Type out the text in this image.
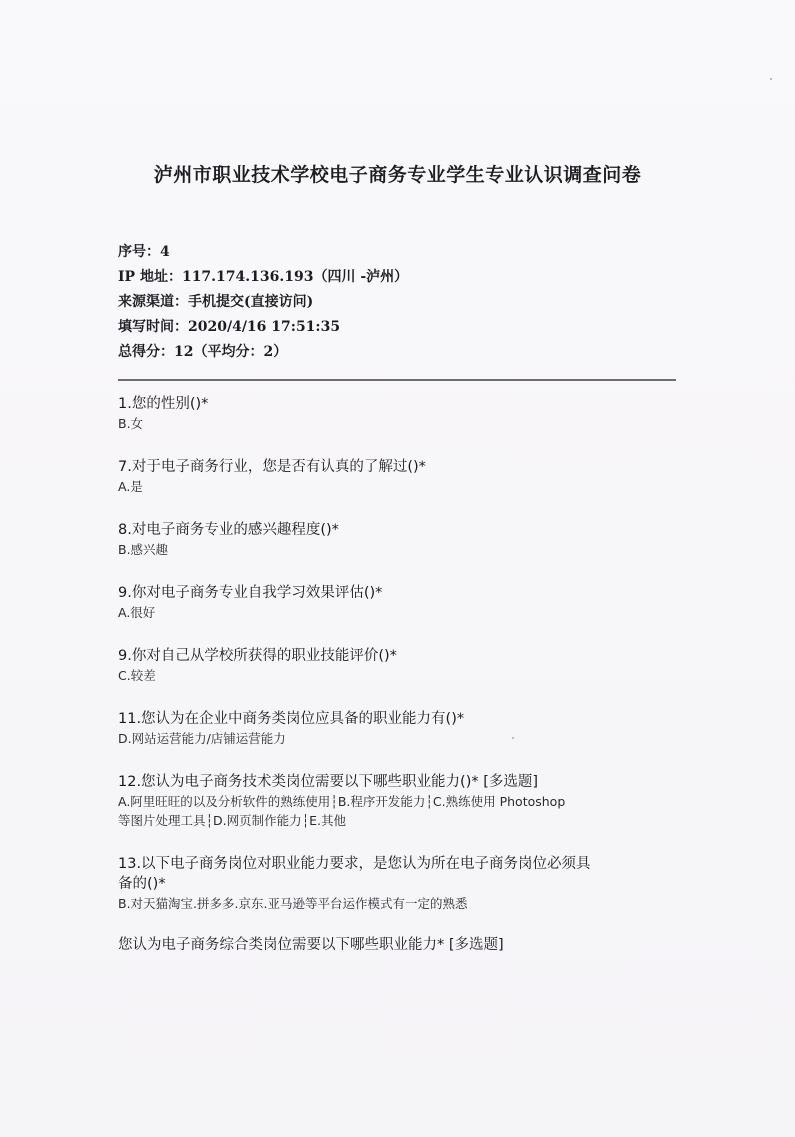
泸州市职业技术学校电子商务专业学生专业认识调查问卷
序号：4
IP 地址：117.174.136.193（四川 -泸州）
来源渠道：手机提交(直接访问)
填写时间：2020/4/16 17:51:35
总得分：12（平均分：2）
1.您的性别()*
B.女
7.对于电子商务行业，您是否有认真的了解过()*
A.是
8.对电子商务专业的感兴趣程度()*
B.感兴趣
9.你对电子商务专业自我学习效果评估()*
A.很好
9.你对自己从学校所获得的职业技能评价()*
C.较差
11.您认为在企业中商务类岗位应具备的职业能力有()*
D.网站运营能力/店铺运营能力
12.您认为电子商务技术类岗位需要以下哪些职业能力()* [多选题]
A.阿里旺旺的以及分析软件的熟练使用┆B.程序开发能力┆C.熟练使用 Photoshop
等图片处理工具┆D.网页制作能力┆E.其他
13.以下电子商务岗位对职业能力要求，是您认为所在电子商务岗位必须具
备的()*
B.对天猫淘宝.拼多多.京东.亚马逊等平台运作模式有一定的熟悉
您认为电子商务综合类岗位需要以下哪些职业能力* [多选题]
